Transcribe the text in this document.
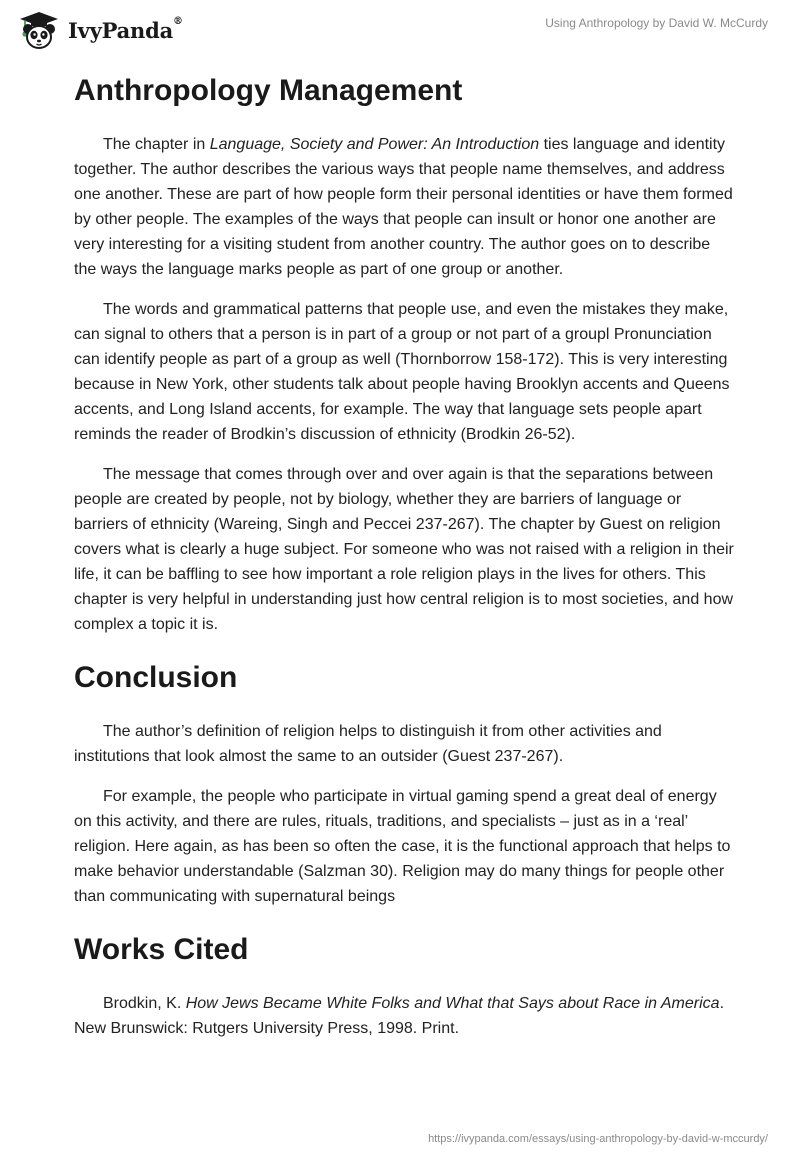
IvyPanda®	Using Anthropology by David W. McCurdy
Anthropology Management

The chapter in Language, Society and Power: An Introduction ties language and identity together. The author describes the various ways that people name themselves, and address one another. These are part of how people form their personal identities or have them formed by other people. The examples of the ways that people can insult or honor one another are very interesting for a visiting student from another country. The author goes on to describe the ways the language marks people as part of one group or another.

The words and grammatical patterns that people use, and even the mistakes they make, can signal to others that a person is in part of a group or not part of a groupl Pronunciation can identify people as part of a group as well (Thornborrow 158-172). This is very interesting because in New York, other students talk about people having Brooklyn accents and Queens accents, and Long Island accents, for example. The way that language sets people apart reminds the reader of Brodkin’s discussion of ethnicity (Brodkin 26-52).

The message that comes through over and over again is that the separations between people are created by people, not by biology, whether they are barriers of language or barriers of ethnicity (Wareing, Singh and Peccei 237-267). The chapter by Guest on religion covers what is clearly a huge subject. For someone who was not raised with a religion in their life, it can be baffling to see how important a role religion plays in the lives for others. This chapter is very helpful in understanding just how central religion is to most societies, and how complex a topic it is.

Conclusion

The author’s definition of religion helps to distinguish it from other activities and institutions that look almost the same to an outsider (Guest 237-267).

For example, the people who participate in virtual gaming spend a great deal of energy on this activity, and there are rules, rituals, traditions, and specialists – just as in a ‘real’ religion. Here again, as has been so often the case, it is the functional approach that helps to make behavior understandable (Salzman 30). Religion may do many things for people other than communicating with supernatural beings

Works Cited

Brodkin, K. How Jews Became White Folks and What that Says about Race in America. New Brunswick: Rutgers University Press, 1998. Print.

https://ivypanda.com/essays/using-anthropology-by-david-w-mccurdy/
